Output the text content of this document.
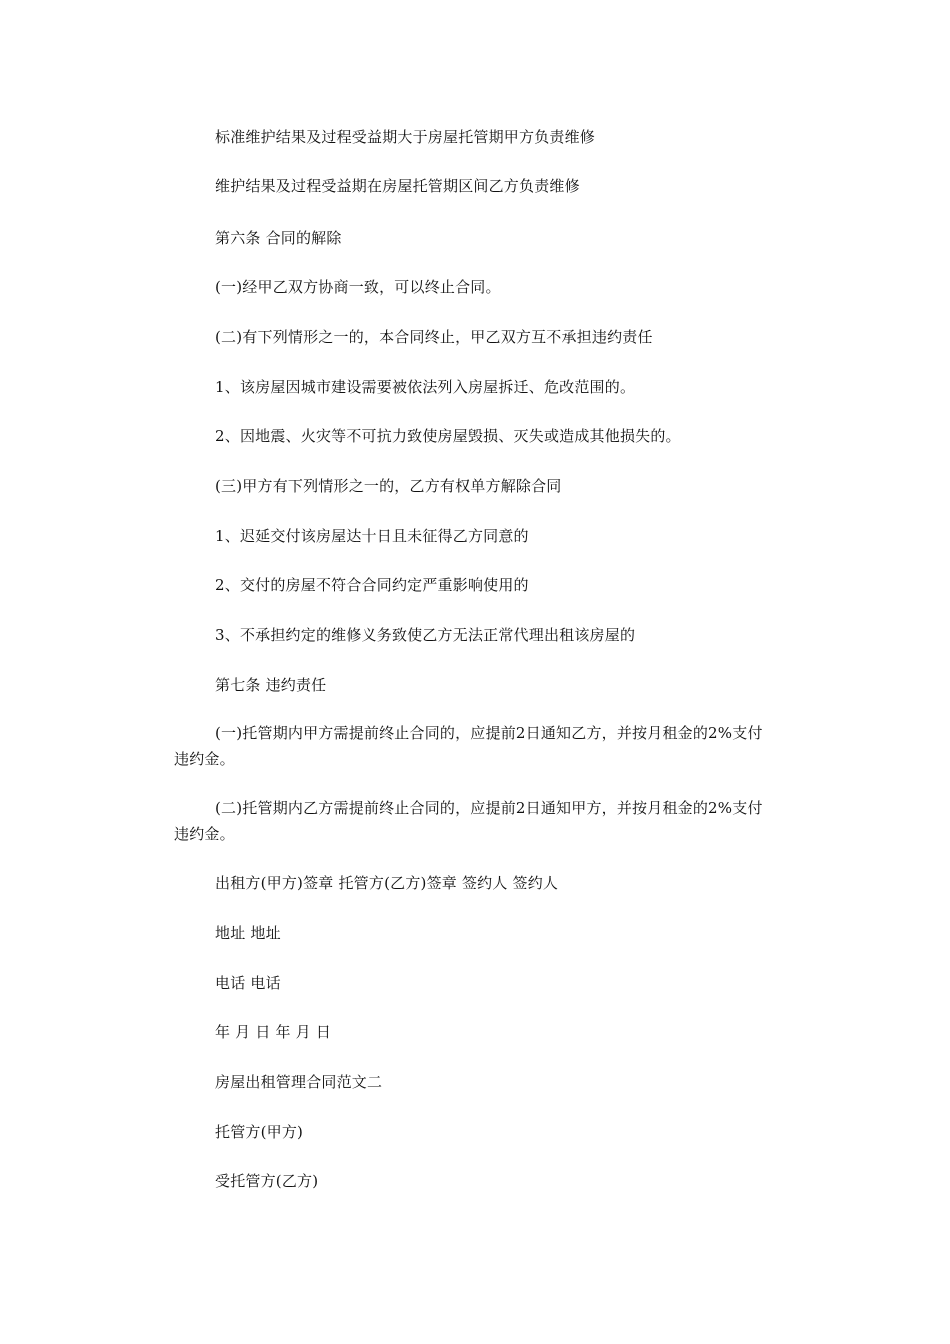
标准维护结果及过程受益期大于房屋托管期甲方负责维修
维护结果及过程受益期在房屋托管期区间乙方负责维修
第六条 合同的解除
(一)经甲乙双方协商一致，可以终止合同。
(二)有下列情形之一的，本合同终止，甲乙双方互不承担违约责任
1、该房屋因城市建设需要被依法列入房屋拆迁、危改范围的。
2、因地震、火灾等不可抗力致使房屋毁损、灭失或造成其他损失的。
(三)甲方有下列情形之一的，乙方有权单方解除合同
1、迟延交付该房屋达十日且未征得乙方同意的
2、交付的房屋不符合合同约定严重影响使用的
3、不承担约定的维修义务致使乙方无法正常代理出租该房屋的
第七条 违约责任
(一)托管期内甲方需提前终止合同的，应提前2日通知乙方，并按月租金的2%支付违约金。
(二)托管期内乙方需提前终止合同的，应提前2日通知甲方，并按月租金的2%支付违约金。
出租方(甲方)签章 托管方(乙方)签章 签约人 签约人
地址 地址
电话 电话
年 月 日 年 月 日
房屋出租管理合同范文二
托管方(甲方)
受托管方(乙方)
